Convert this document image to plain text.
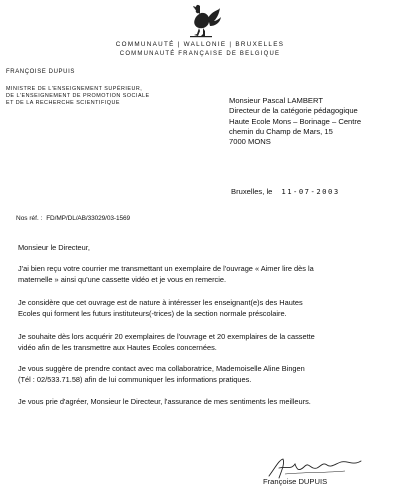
COMMUNAUTÉ | WALLONIE | BRUXELLES
COMMUNAUTÉ FRANÇAISE DE BELGIQUE
FRANÇOISE DUPUIS
MINISTRE DE L'ENSEIGNEMENT SUPÉRIEUR,
DE L'ENSEIGNEMENT DE PROMOTION SOCIALE
ET DE LA RECHERCHE SCIENTIFIQUE	Monsieur Pascal LAMBERT
Directeur de la catégorie pédagogique
Haute Ecole Mons – Borinage – Centre
chemin du Champ de Mars, 15
7000 MONS
Bruxelles, le 11-07-2003
Nos réf. : FD/MP/DL/AB/33029/03-1569

Monsieur le Directeur,

J'ai bien reçu votre courrier me transmettant un exemplaire de l'ouvrage « Aimer lire dès la

maternelle » ainsi qu'une cassette vidéo et je vous en remercie.

Je considère que cet ouvrage est de nature à intéresser les enseignant(e)s des Hautes

Ecoles qui forment les futurs instituteurs(-trices) de la section normale préscolaire.

Je souhaite dès lors acquérir 20 exemplaires de l'ouvrage et 20 exemplaires de la cassette

vidéo afin de les transmettre aux Hautes Ecoles concernées.

Je vous suggère de prendre contact avec ma collaboratrice, Mademoiselle Aline Bingen

(Tél : 02/533.71.58) afin de lui communiquer les informations pratiques.

Je vous prie d'agréer, Monsieur le Directeur, l'assurance de mes sentiments les meilleurs.

Françoise DUPUIS
